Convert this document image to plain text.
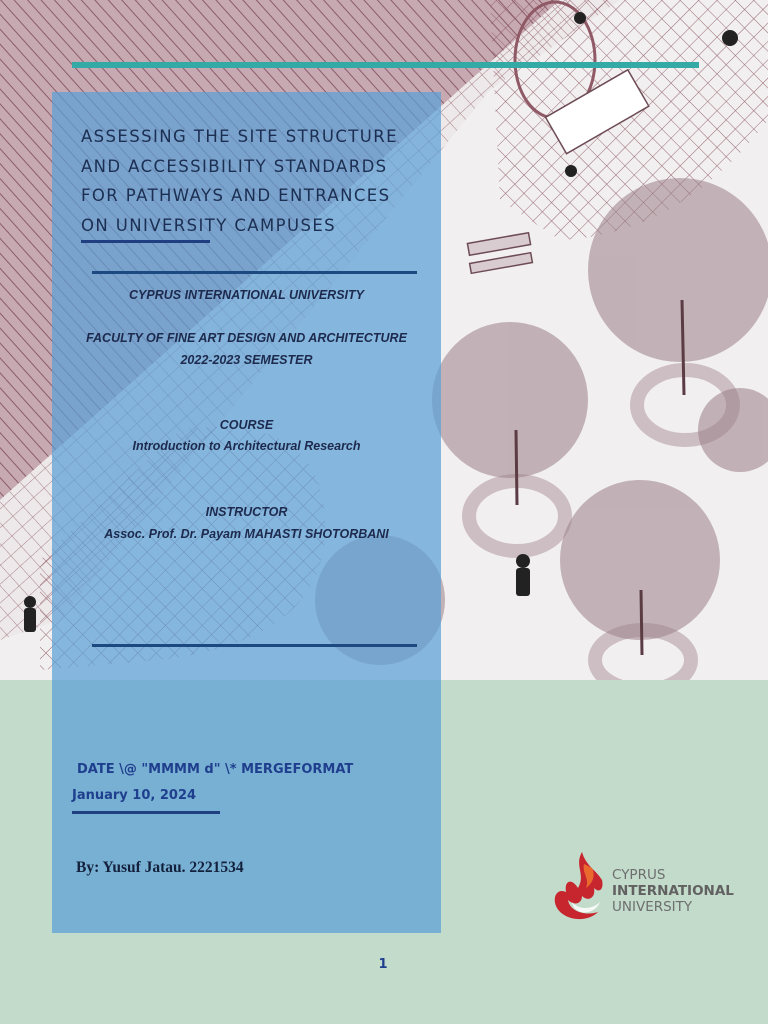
ASSESSING THE SITE STRUCTURE
AND ACCESSIBILITY STANDARDS
FOR PATHWAYS AND ENTRANCES
ON UNIVERSITY CAMPUSES

CYPRUS INTERNATIONAL UNIVERSITY

FACULTY OF FINE ART DESIGN AND ARCHITECTURE

2022-2023 SEMESTER

COURSE

Introduction to Architectural Research

INSTRUCTOR

Assoc. Prof. Dr. Payam MAHASTI SHOTORBANI

DATE \@ "MMMM d" \* MERGEFORMAT

January 10, 2024

By: Yusuf Jatau. 2221534	CYPRUS
INTERNATIONAL
UNIVERSITY

1
